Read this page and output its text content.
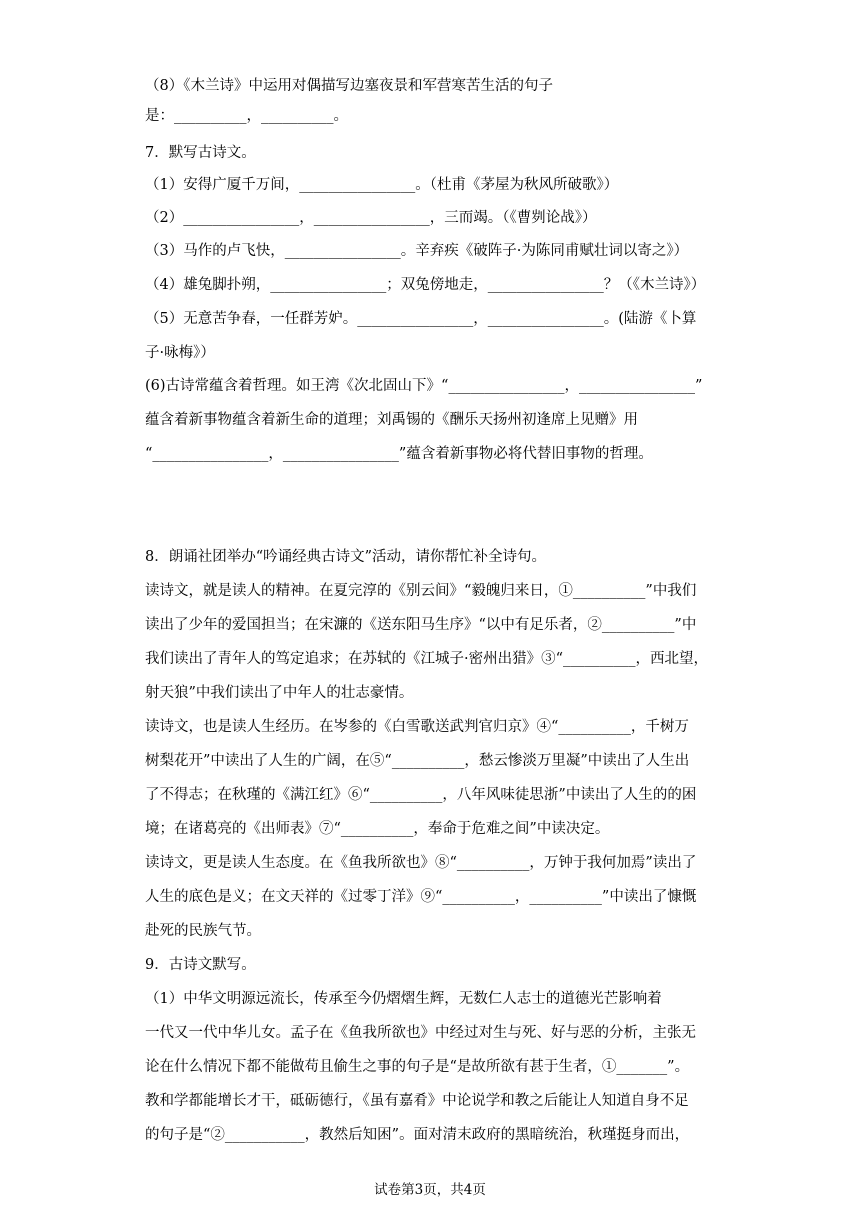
（8）《木兰诗》中运用对偶描写边塞夜景和军营寒苦生活的句子
是：__________，__________。
7．默写古诗文。
（1）安得广厦千万间，________________。（杜甫《茅屋为秋风所破歌》）
（2）________________，________________，三而竭。（《曹刿论战》）
（3）马作的卢飞快，________________。辛弃疾《破阵子·为陈同甫赋壮词以寄之》）
（4）雄兔脚扑朔，________________；双兔傍地走，________________？（《木兰诗》）
（5）无意苦争春，一任群芳妒。________________，________________。(陆游《卜算
子·咏梅》）
(6)古诗常蕴含着哲理。如王湾《次北固山下》“________________，________________”
蕴含着新事物蕴含着新生命的道理；刘禹锡的《酬乐天扬州初逢席上见赠》用
“________________，________________”蕴含着新事物必将代替旧事物的哲理。
8．朗诵社团举办“吟诵经典古诗文”活动，请你帮忙补全诗句。
读诗文，就是读人的精神。在夏完淳的《别云间》“毅魄归来日，①__________”中我们
读出了少年的爱国担当；在宋濂的《送东阳马生序》“以中有足乐者，②__________”中
我们读出了青年人的笃定追求；在苏轼的《江城子·密州出猎》③“__________，西北望，
射天狼”中我们读出了中年人的壮志豪情。
读诗文，也是读人生经历。在岑参的《白雪歌送武判官归京》④“__________，千树万
树梨花开”中读出了人生的广阔，在⑤“__________，愁云惨淡万里凝”中读出了人生出
了不得志；在秋瑾的《满江红》⑥“__________，八年风味徒思浙”中读出了人生的的困
境；在诸葛亮的《出师表》⑦“__________，奉命于危难之间”中读决定。
读诗文，更是读人生态度。在《鱼我所欲也》⑧“__________，万钟于我何加焉”读出了
人生的底色是义；在文天祥的《过零丁洋》⑨“__________，__________”中读出了慷慨
赴死的民族气节。
9．古诗文默写。
（1）中华文明源远流长，传承至今仍熠熠生辉，无数仁人志士的道德光芒影响着
一代又一代中华儿女。孟子在《鱼我所欲也》中经过对生与死、好与恶的分析，主张无
论在什么情况下都不能做苟且偷生之事的句子是“是故所欲有甚于生者，①_______”。
教和学都能增长才干，砥砺德行，《虽有嘉肴》中论说学和教之后能让人知道自身不足
的句子是“②___________，教然后知困”。面对清末政府的黑暗统治，秋瑾挺身而出，
试卷第3页，共4页
